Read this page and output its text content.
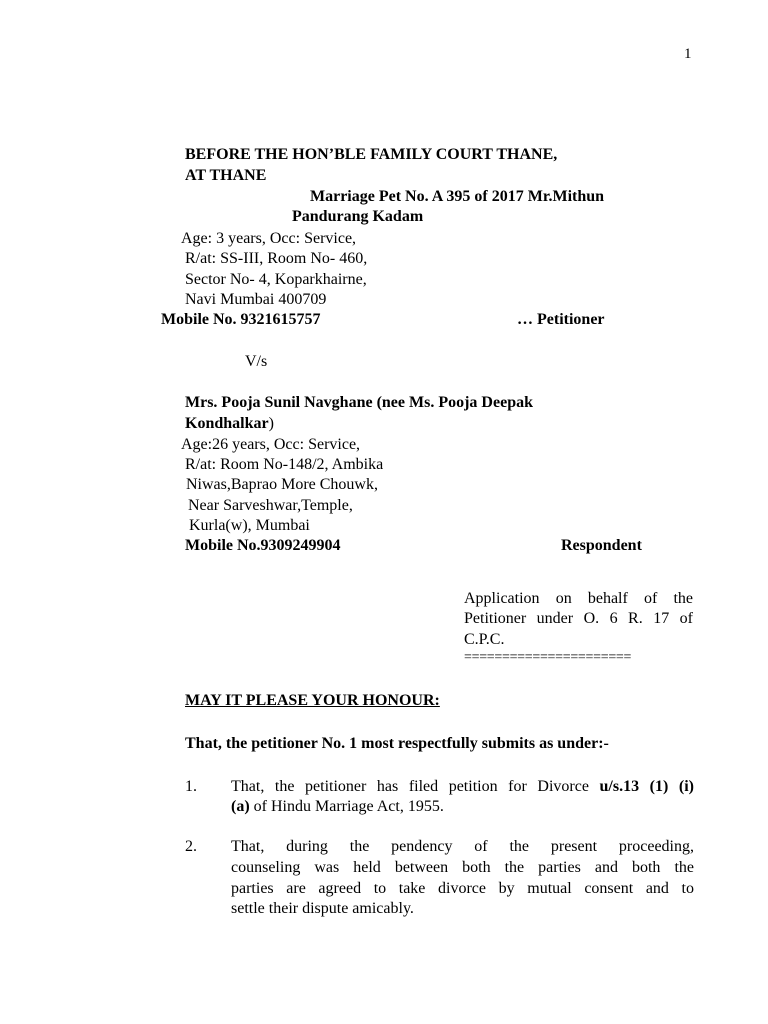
1
BEFORE THE HON’BLE FAMILY COURT THANE,
AT THANE
Marriage Pet No. A 395 of 2017 Mr.Mithun
Pandurang Kadam
Age: 3 years, Occ: Service,
R/at: SS-III, Room No- 460,
Sector No- 4, Koparkhairne,
Navi Mumbai 400709
Mobile No. 9321615757	… Petitioner
V/s
Mrs. Pooja Sunil Navghane (nee Ms. Pooja Deepak
Kondhalkar)
Age:26 years, Occ: Service,
R/at: Room No-148/2, Ambika
Niwas,Baprao More Chouwk,
Near Sarveshwar,Temple,
Kurla(w), Mumbai
Mobile No.9309249904	Respondent
Application on behalf of the
Petitioner under O. 6 R. 17 of
C.P.C.
======================
MAY IT PLEASE YOUR HONOUR:
That, the petitioner No. 1 most respectfully submits as under:-
1. That, the petitioner has filed petition for Divorce u/s.13 (1) (i)
(a) of Hindu Marriage Act, 1955.
2. That, during the pendency of the present proceeding,
counseling was held between both the parties and both the
parties are agreed to take divorce by mutual consent and to
settle their dispute amicably.
